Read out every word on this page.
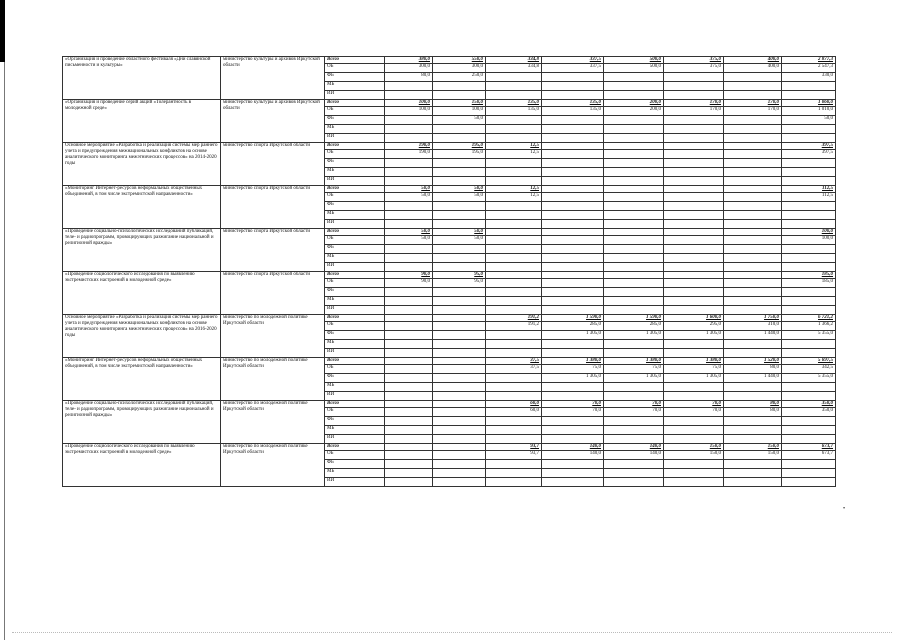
•
«Организация и проведение областного фестиваля «Дни славянской письменности и культуры»	министерство культуры и архивов Иркутской области	Всего	380,0	550,0	334,8	337,5	500,0	375,0	400,0	2 877,3
		ОБ	300,0	300,0	334,8	337,5	500,0	375,0	400,0	2 547,3
		ФБ	80,0	250,0						330,0
		МБ								
		ИИ								
«Организация и проведение серий акций «Толерантность в молодежной среде»	министерство культуры и архивов Иркутской области	Всего	100,0	150,0	135,0	135,0	200,0	170,0	170,0	1 060,0
		ОБ	100,0	100,0	135,0	135,0	200,0	170,0	170,0	1 010,0
		ФБ		50,0						50,0
		МБ								
		ИИ								
Основное мероприятие «Разработка и реализация системы мер раннего учета и предупреждения межнациональных конфликтов на основе аналитического мониторинга межэтнических процессов» на 2014-2020 годы	министерство спорта Иркутской области	Всего	190,0	195,0	12,5					397,5
		ОБ	190,0	195,0	12,5					397,5
		ФБ								
		МБ								
		ИИ								
«Мониторинг Интернет-ресурсов неформальных общественных объединений, в том числе экстремистской направленности»	министерство спорта Иркутской области	Всего	50,0	50,0	12,5					112,5
		ОБ	50,0	50,0	12,5					112,5
		ФБ								
		МБ								
		ИИ								
«Проведение социально-психологических исследований публикаций, теле- и радиопрограмм, провоцирующих разжигание национальной и религиозной вражды»	министерство спорта Иркутской области	Всего	50,0	50,0						100,0
		ОБ	50,0	50,0						100,0
		ФБ								
		МБ								
		ИИ								
«Проведение социологического исследования по выявлению экстремистских настроений в молодежной среде»	министерство спорта Иркутской области	Всего	90,0	95,0						185,0
		ОБ	90,0	95,0						185,0
		ФБ								
		МБ								
		ИИ								
Основное мероприятие «Разработка и реализация системы мер раннего учета и предупреждения межнациональных конфликтов на основе аналитического мониторинга межэтнических процессов» на 2016-2020 годы	министерство по молодежной политике Иркутской области	Всего			191,2	1 590,0	1 590,0	1 600,0	1 750,0	6 721,2
		ОБ			191,2	285,0	285,0	295,0	310,0	1 366,2
		ФБ				1 305,0	1 305,0	1 305,0	1 440,0	5 355,0
		МБ								
		ИИ								
«Мониторинг Интернет-ресурсов неформальных общественных объединений, в том числе экстремистской направленности»	министерство по молодежной политике Иркутской области	Всего			37,5	1 380,0	1 380,0	1 380,0	1 520,0	5 697,5
		ОБ			37,5	75,0	75,0	75,0	80,0	342,5
		ФБ				1 305,0	1 305,0	1 305,0	1 440,0	5 355,0
		МБ								
		ИИ								
«Проведение социально-психологических исследований публикаций, теле- и радиопрограмм, провоцирующих разжигание национальной и религиозной вражды»	министерство по молодежной политике Иркутской области	Всего			60,0	70,0	70,0	70,0	80,0	350,0
		ОБ			60,0	70,0	70,0	70,0	80,0	350,0
		ФБ								
		МБ								
		ИИ								
«Проведение социологического исследования по выявлению экстремистских настроений в молодежной среде»	министерство по молодежной политике Иркутской области	Всего			93,7	140,0	140,0	150,0	150,0	673,7
		ОБ			93,7	140,0	140,0	150,0	150,0	673,7
		ФБ								
		МБ								
		ИИ								
